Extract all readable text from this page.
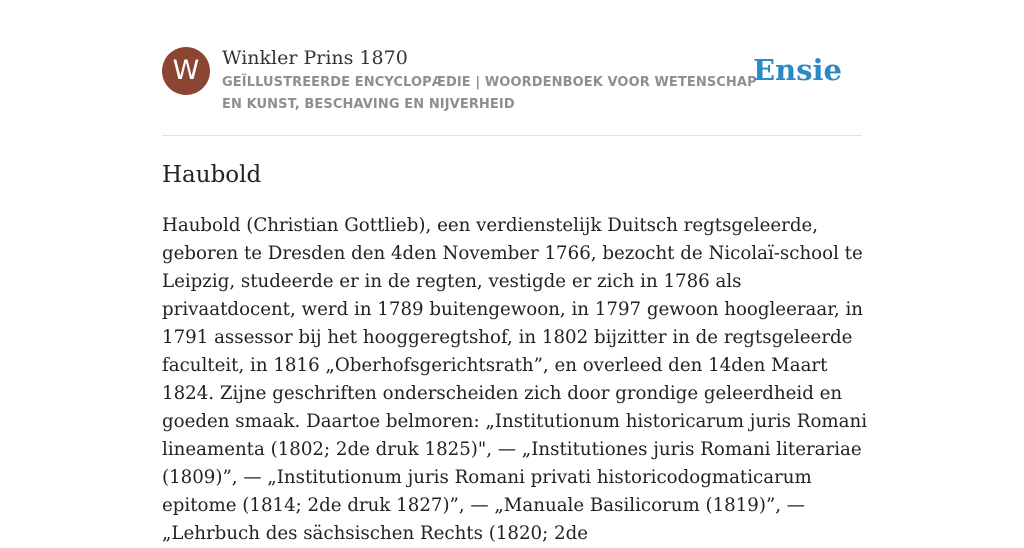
W	Winkler Prins 1870
GEÏLLUSTREERDE ENCYCLOPÆDIE | WOORDENBOEK VOOR WETENSCHAP EN KUNST, BESCHAVING EN NIJVERHEID
Ensie
Haubold

Haubold (Christian Gottlieb), een verdienstelijk Duitsch regtsgeleerde, geboren te Dresden den 4den November 1766, bezocht de Nicolaï-school te Leipzig, studeerde er in de regten, vestigde er zich in 1786 als privaatdocent, werd in 1789 buitengewoon, in 1797 gewoon hoogleeraar, in 1791 assessor bij het hooggeregtshof, in 1802 bijzitter in de regtsgeleerde faculteit, in 1816 „Oberhofsgerichtsrath”, en overleed den 14den Maart 1824. Zijne geschriften onderscheiden zich door grondige geleerdheid en goeden smaak. Daartoe belmoren: „Institutionum historicarum juris Romani lineamenta (1802; 2de druk 1825)", — „Institutiones juris Romani literariae (1809)”, — „Institutionum juris Romani privati historicodogmaticarum epitome (1814; 2de druk 1827)”, — „Manuale Basilicorum (1819)”, — „Lehrbuch des sächsischen Rechts (1820; 2de
